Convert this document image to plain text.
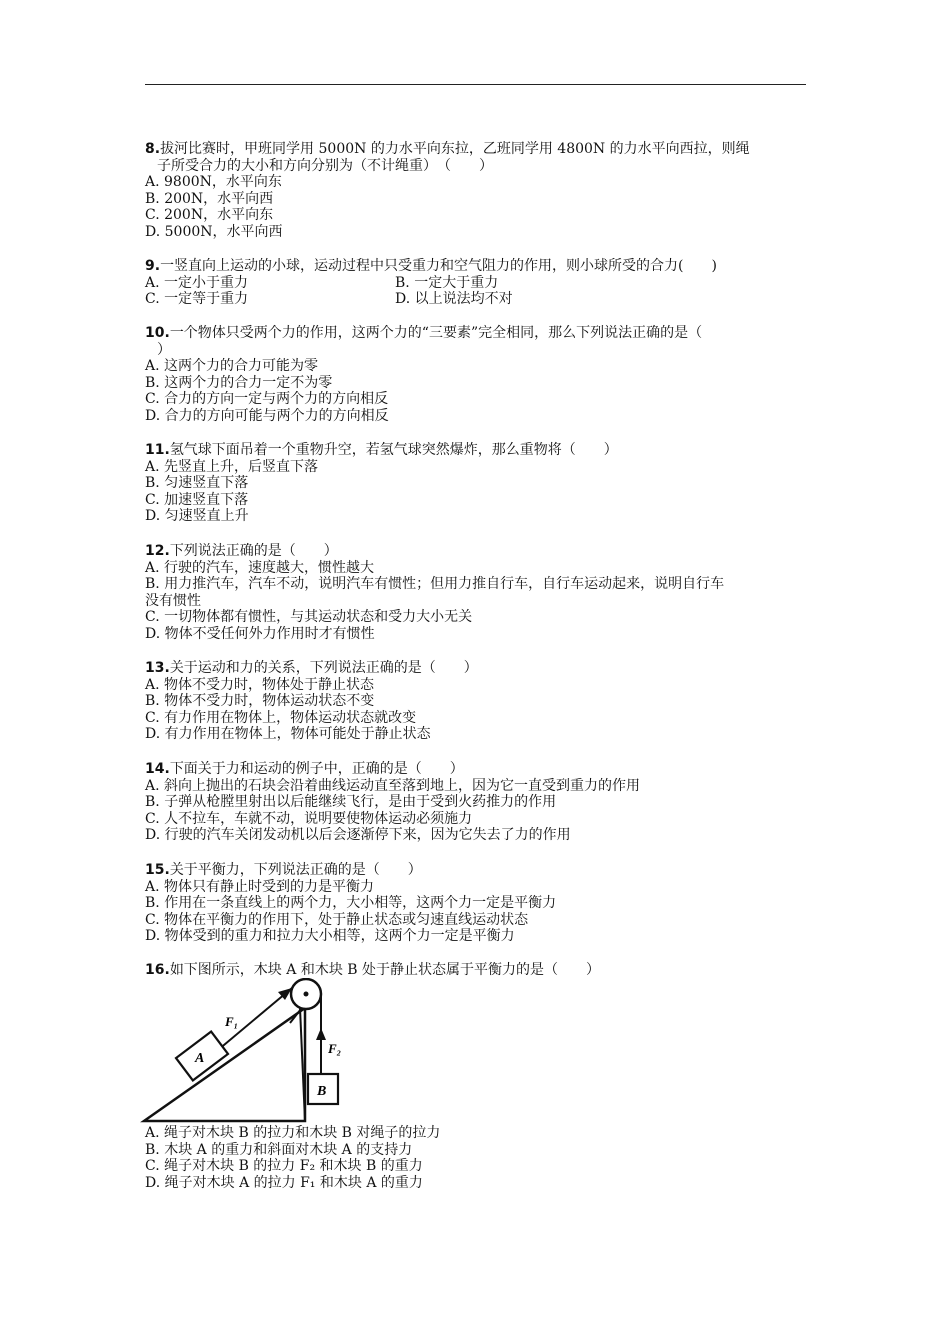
8.拔河比赛时，甲班同学用 5000N 的力水平向东拉，乙班同学用 4800N 的力水平向西拉，则绳

子所受合力的大小和方向分别为（不计绳重）　（　　）

A. 9800N，水平向东

B. 200N，水平向西

C. 200N，水平向东

D. 5000N，水平向西

9.一竖直向上运动的小球，运动过程中只受重力和空气阻力的作用，则小球所受的合力(　　)

A. 一定小于重力	B. 一定大于重力

C. 一定等于重力	D. 以上说法均不对

10.一个物体只受两个力的作用，这两个力的“三要素”完全相同，那么下列说法正确的是（

）

A. 这两个力的合力可能为零

B. 这两个力的合力一定不为零

C. 合力的方向一定与两个力的方向相反

D. 合力的方向可能与两个力的方向相反

11.氢气球下面吊着一个重物升空，若氢气球突然爆炸，那么重物将（　　）

A. 先竖直上升，后竖直下落

B. 匀速竖直下落

C. 加速竖直下落

D. 匀速竖直上升

12.下列说法正确的是（　　）

A. 行驶的汽车，速度越大，惯性越大

B. 用力推汽车，汽车不动，说明汽车有惯性；但用力推自行车，自行车运动起来，说明自行车

没有惯性

C. 一切物体都有惯性，与其运动状态和受力大小无关

D. 物体不受任何外力作用时才有惯性

13.关于运动和力的关系，下列说法正确的是（　　）

A. 物体不受力时，物体处于静止状态

B. 物体不受力时，物体运动状态不变

C. 有力作用在物体上，物体运动状态就改变

D. 有力作用在物体上，物体可能处于静止状态

14.下面关于力和运动的例子中，正确的是（　　）

A. 斜向上抛出的石块会沿着曲线运动直至落到地上，因为它一直受到重力的作用

B. 子弹从枪膛里射出以后能继续飞行，是由于受到火药推力的作用

C. 人不拉车，车就不动，说明要使物体运动必须施力

D. 行驶的汽车关闭发动机以后会逐渐停下来，因为它失去了力的作用

15.关于平衡力，下列说法正确的是（　　）

A. 物体只有静止时受到的力是平衡力

B. 作用在一条直线上的两个力，大小相等，这两个力一定是平衡力

C. 物体在平衡力的作用下，处于静止状态或匀速直线运动状态

D. 物体受到的重力和拉力大小相等，这两个力一定是平衡力

16.如下图所示，木块 A 和木块 B 处于静止状态属于平衡力的是（　　）

A
F₁
F₂
B

A. 绳子对木块 B 的拉力和木块 B 对绳子的拉力

B. 木块 A 的重力和斜面对木块 A 的支持力

C. 绳子对木块 B 的拉力 F₂ 和木块 B 的重力

D. 绳子对木块 A 的拉力 F₁ 和木块 A 的重力
